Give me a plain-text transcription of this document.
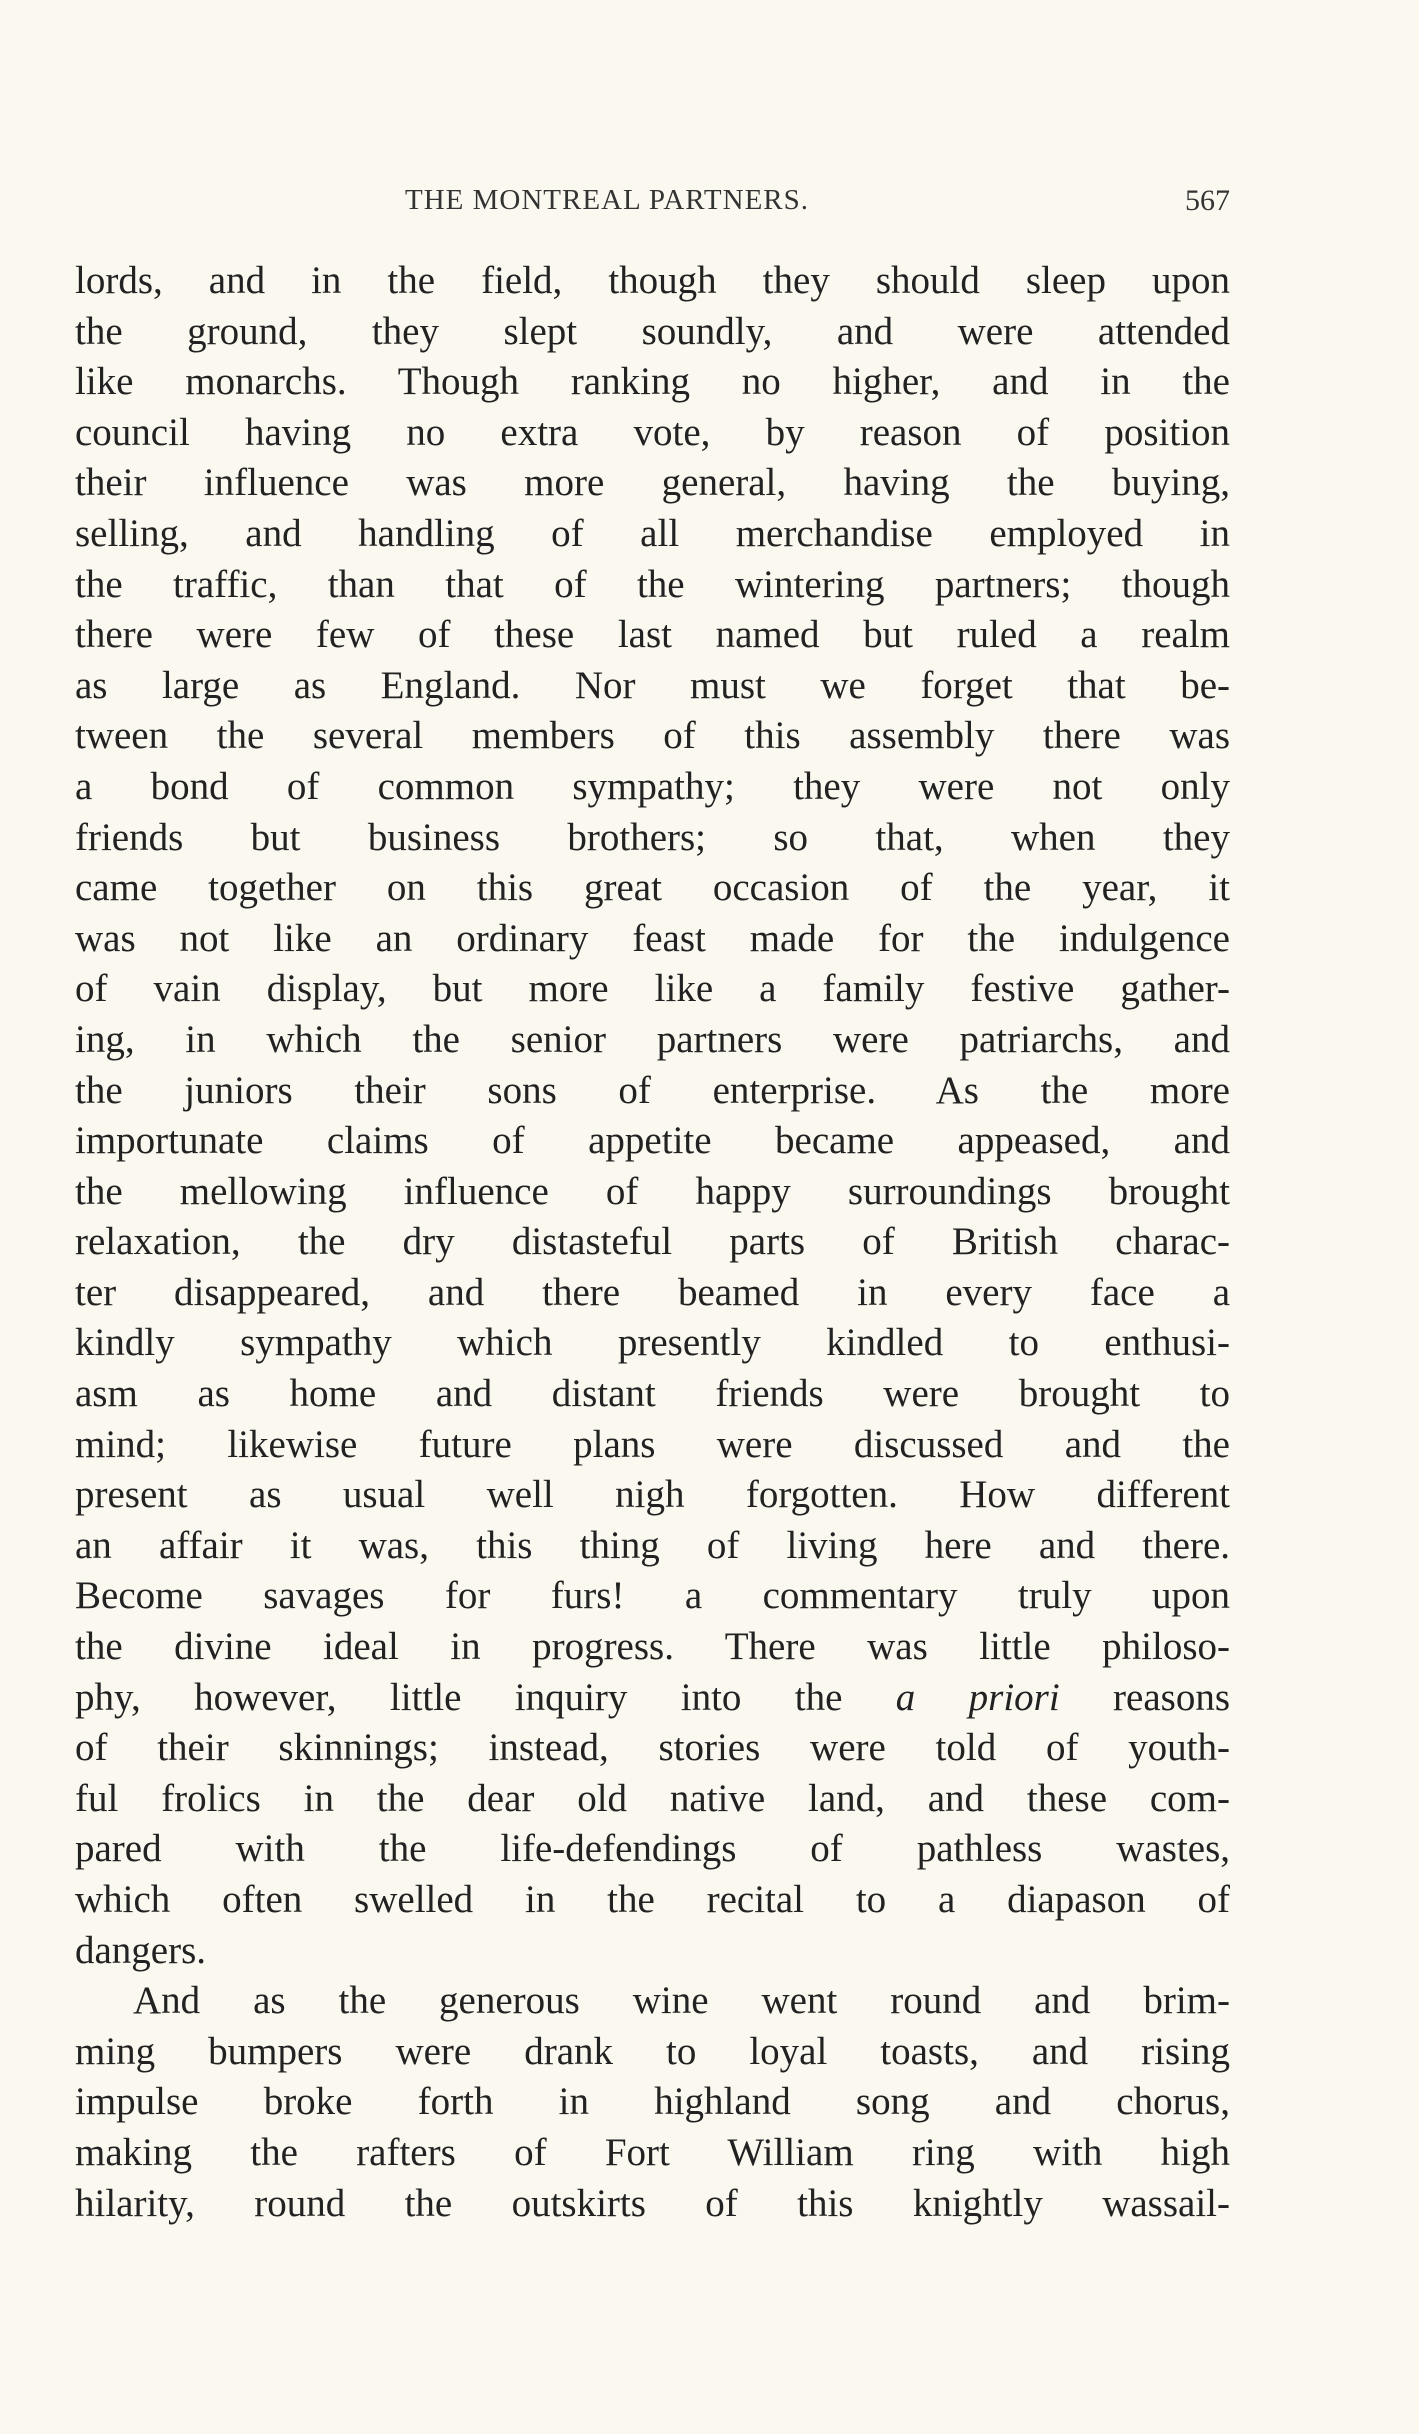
THE MONTREAL PARTNERS.	567
lords, and in the field, though they should sleep upon
the ground, they slept soundly, and were attended
like monarchs. Though ranking no higher, and in the
council having no extra vote, by reason of position
their influence was more general, having the buying,
selling, and handling of all merchandise employed in
the traffic, than that of the wintering partners; though
there were few of these last named but ruled a realm
as large as England. Nor must we forget that be-
tween the several members of this assembly there was
a bond of common sympathy; they were not only
friends but business brothers; so that, when they
came together on this great occasion of the year, it
was not like an ordinary feast made for the indulgence
of vain display, but more like a family festive gather-
ing, in which the senior partners were patriarchs, and
the juniors their sons of enterprise. As the more
importunate claims of appetite became appeased, and
the mellowing influence of happy surroundings brought
relaxation, the dry distasteful parts of British charac-
ter disappeared, and there beamed in every face a
kindly sympathy which presently kindled to enthusi-
asm as home and distant friends were brought to
mind; likewise future plans were discussed and the
present as usual well nigh forgotten. How different
an affair it was, this thing of living here and there.
Become savages for furs! a commentary truly upon
the divine ideal in progress. There was little philoso-
phy, however, little inquiry into the a priori reasons
of their skinnings; instead, stories were told of youth-
ful frolics in the dear old native land, and these com-
pared with the life-defendings of pathless wastes,
which often swelled in the recital to a diapason of
dangers.
And as the generous wine went round and brim-
ming bumpers were drank to loyal toasts, and rising
impulse broke forth in highland song and chorus,
making the rafters of Fort William ring with high
hilarity, round the outskirts of this knightly wassail-
